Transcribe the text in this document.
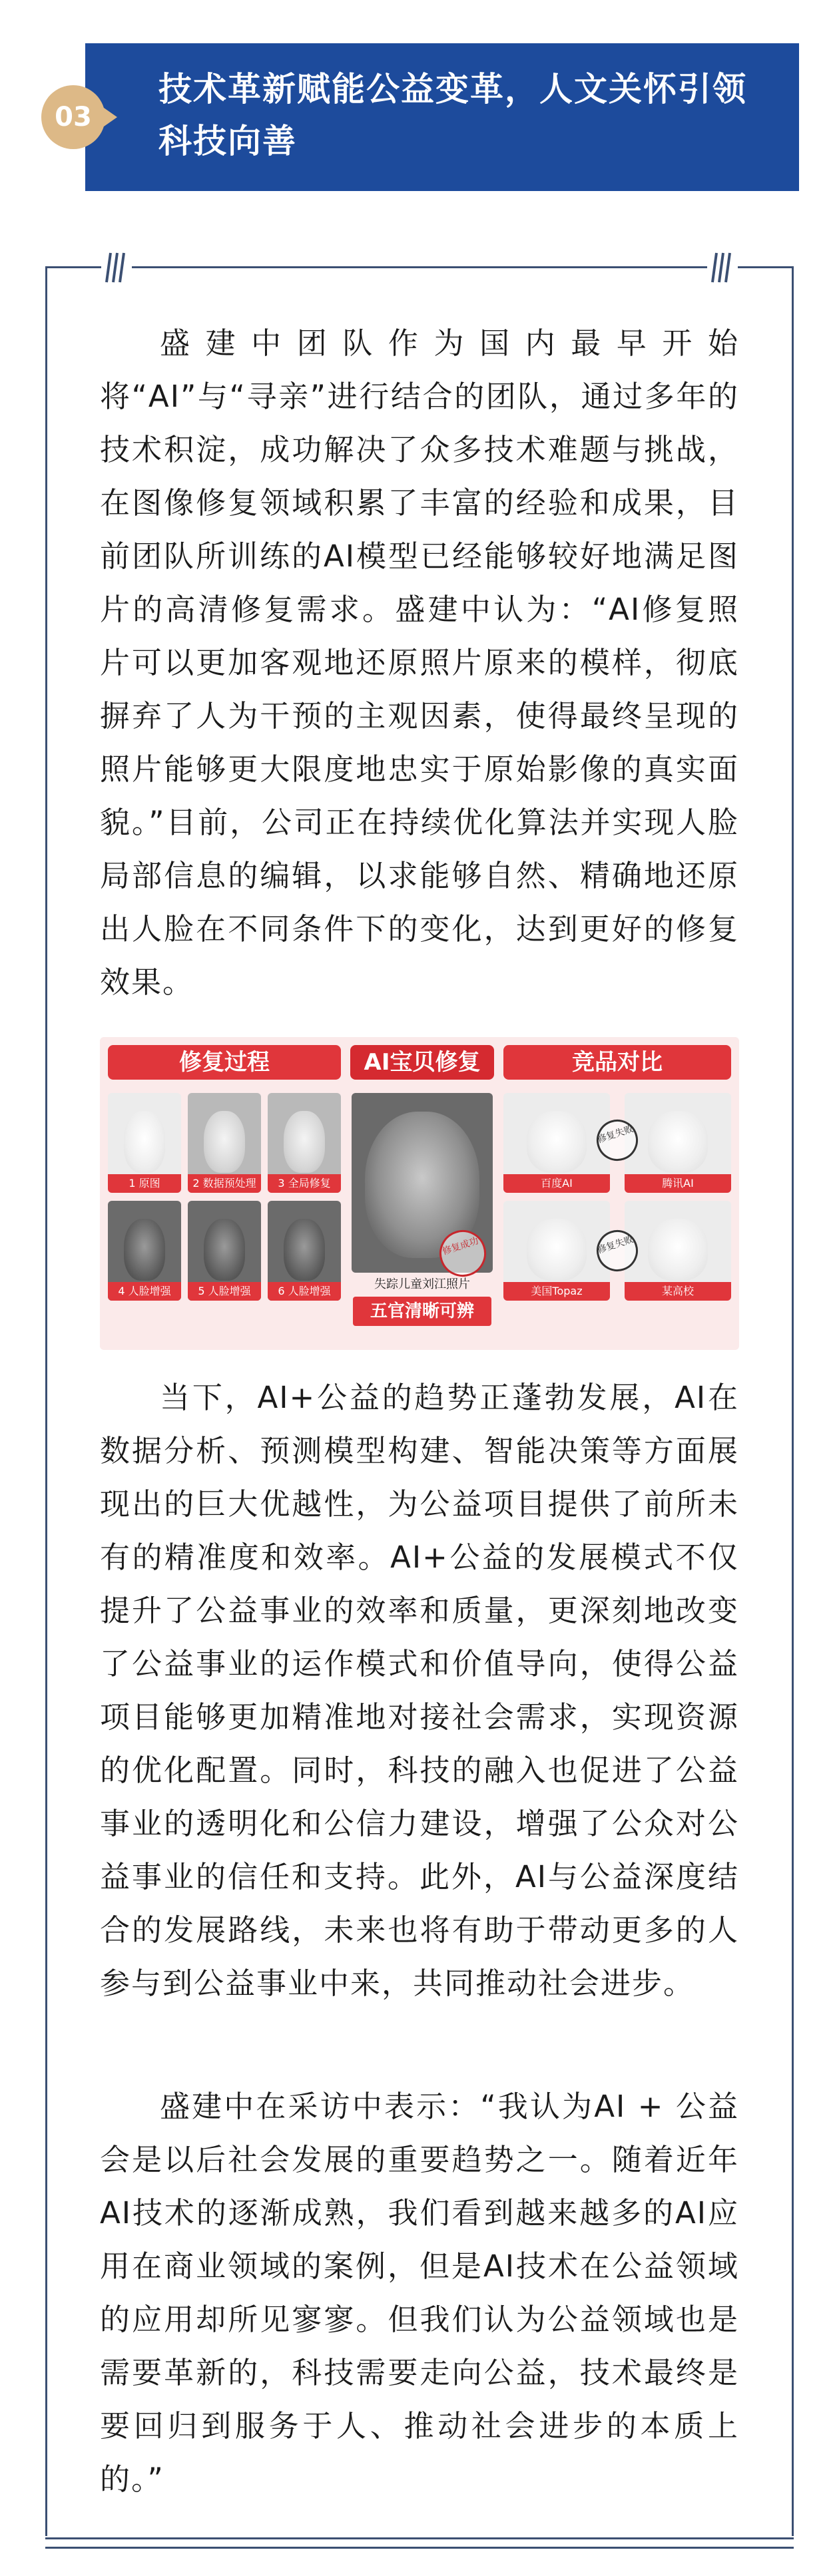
技术革新赋能公益变革，人文关怀引领科技向善
03

盛建中团队作为国内最早开始将“AI”与“寻亲”进行结合的团队，通过多年的技术积淀，成功解决了众多技术难题与挑战，在图像修复领域积累了丰富的经验和成果，目前团队所训练的AI模型已经能够较好地满足图片的高清修复需求。盛建中认为：“AI修复照片可以更加客观地还原照片原来的模样，彻底摒弃了人为干预的主观因素，使得最终呈现的照片能够更大限度地忠实于原始影像的真实面貌。”目前，公司正在持续优化算法并实现人脸局部信息的编辑，以求能够自然、精确地还原出人脸在不同条件下的变化，达到更好的修复效果。

修复过程	AI宝贝修复	竞品对比
1 原图	2 数据预处理	3 全局修复
4 人脸增强	5 人脸增强	6 人脸增强
修复成功
失踪儿童刘江照片
五官清晰可辨
百度AI	腾讯AI
美国Topaz	某高校
修复失败
修复失败

当下，AI+公益的趋势正蓬勃发展，AI在数据分析、预测模型构建、智能决策等方面展现出的巨大优越性，为公益项目提供了前所未有的精准度和效率。AI+公益的发展模式不仅提升了公益事业的效率和质量，更深刻地改变了公益事业的运作模式和价值导向，使得公益项目能够更加精准地对接社会需求，实现资源的优化配置。同时，科技的融入也促进了公益事业的透明化和公信力建设，增强了公众对公益事业的信任和支持。此外，AI与公益深度结合的发展路线，未来也将有助于带动更多的人参与到公益事业中来，共同推动社会进步。

盛建中在采访中表示：“我认为AI + 公益会是以后社会发展的重要趋势之一。随着近年AI技术的逐渐成熟，我们看到越来越多的AI应用在商业领域的案例，但是AI技术在公益领域的应用却所见寥寥。但我们认为公益领域也是需要革新的，科技需要走向公益，技术最终是要回归到服务于人、推动社会进步的本质上的。”
